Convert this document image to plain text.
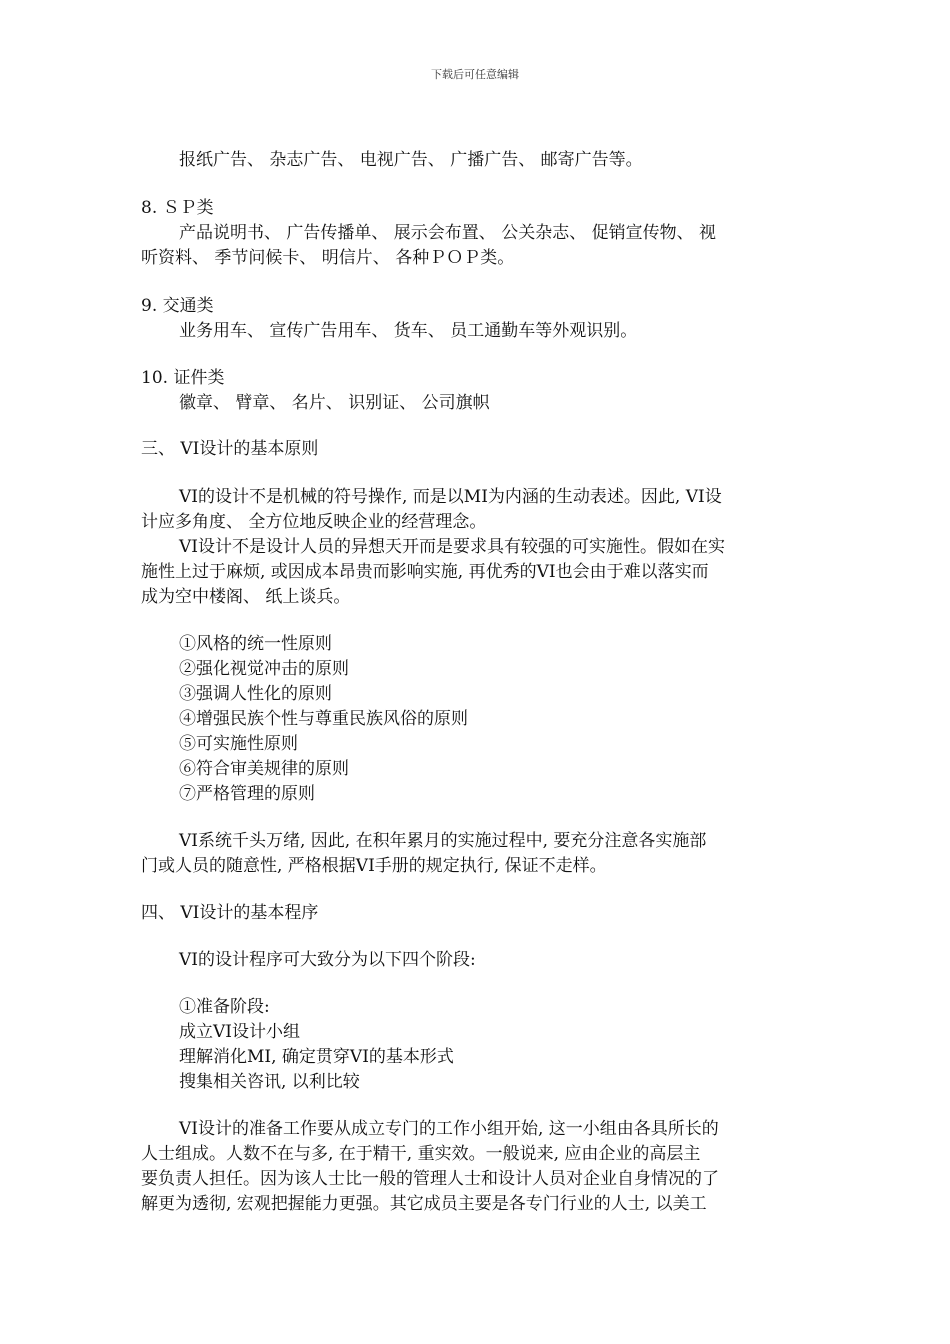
下载后可任意编辑
报纸广告、 杂志广告、 电视广告、 广播广告、 邮寄广告等。
8. ＳＰ类
产品说明书、 广告传播单、 展示会布置、 公关杂志、 促销宣传物、 视
听资料、 季节问候卡、 明信片、 各种ＰＯＰ类。
9. 交通类
业务用车、 宣传广告用车、 货车、 员工通勤车等外观识别。
10. 证件类
徽章、 臂章、 名片、 识别证、 公司旗帜
三、 VI设计的基本原则
VI的设计不是机械的符号操作, 而是以MI为内涵的生动表述。因此, VI设
计应多角度、 全方位地反映企业的经营理念。
VI设计不是设计人员的异想天开而是要求具有较强的可实施性。假如在实
施性上过于麻烦, 或因成本昂贵而影响实施, 再优秀的VI也会由于难以落实而
成为空中楼阁、 纸上谈兵。
①风格的统一性原则
②强化视觉冲击的原则
③强调人性化的原则
④增强民族个性与尊重民族风俗的原则
⑤可实施性原则
⑥符合审美规律的原则
⑦严格管理的原则
VI系统千头万绪, 因此, 在积年累月的实施过程中, 要充分注意各实施部
门或人员的随意性, 严格根据VI手册的规定执行, 保证不走样。
四、 VI设计的基本程序
VI的设计程序可大致分为以下四个阶段:
①准备阶段:
成立VI设计小组
理解消化MI, 确定贯穿VI的基本形式
搜集相关咨讯, 以利比较
VI设计的准备工作要从成立专门的工作小组开始, 这一小组由各具所长的
人士组成。人数不在与多, 在于精干, 重实效。一般说来, 应由企业的高层主
要负责人担任。因为该人士比一般的管理人士和设计人员对企业自身情况的了
解更为透彻, 宏观把握能力更强。其它成员主要是各专门行业的人士, 以美工
